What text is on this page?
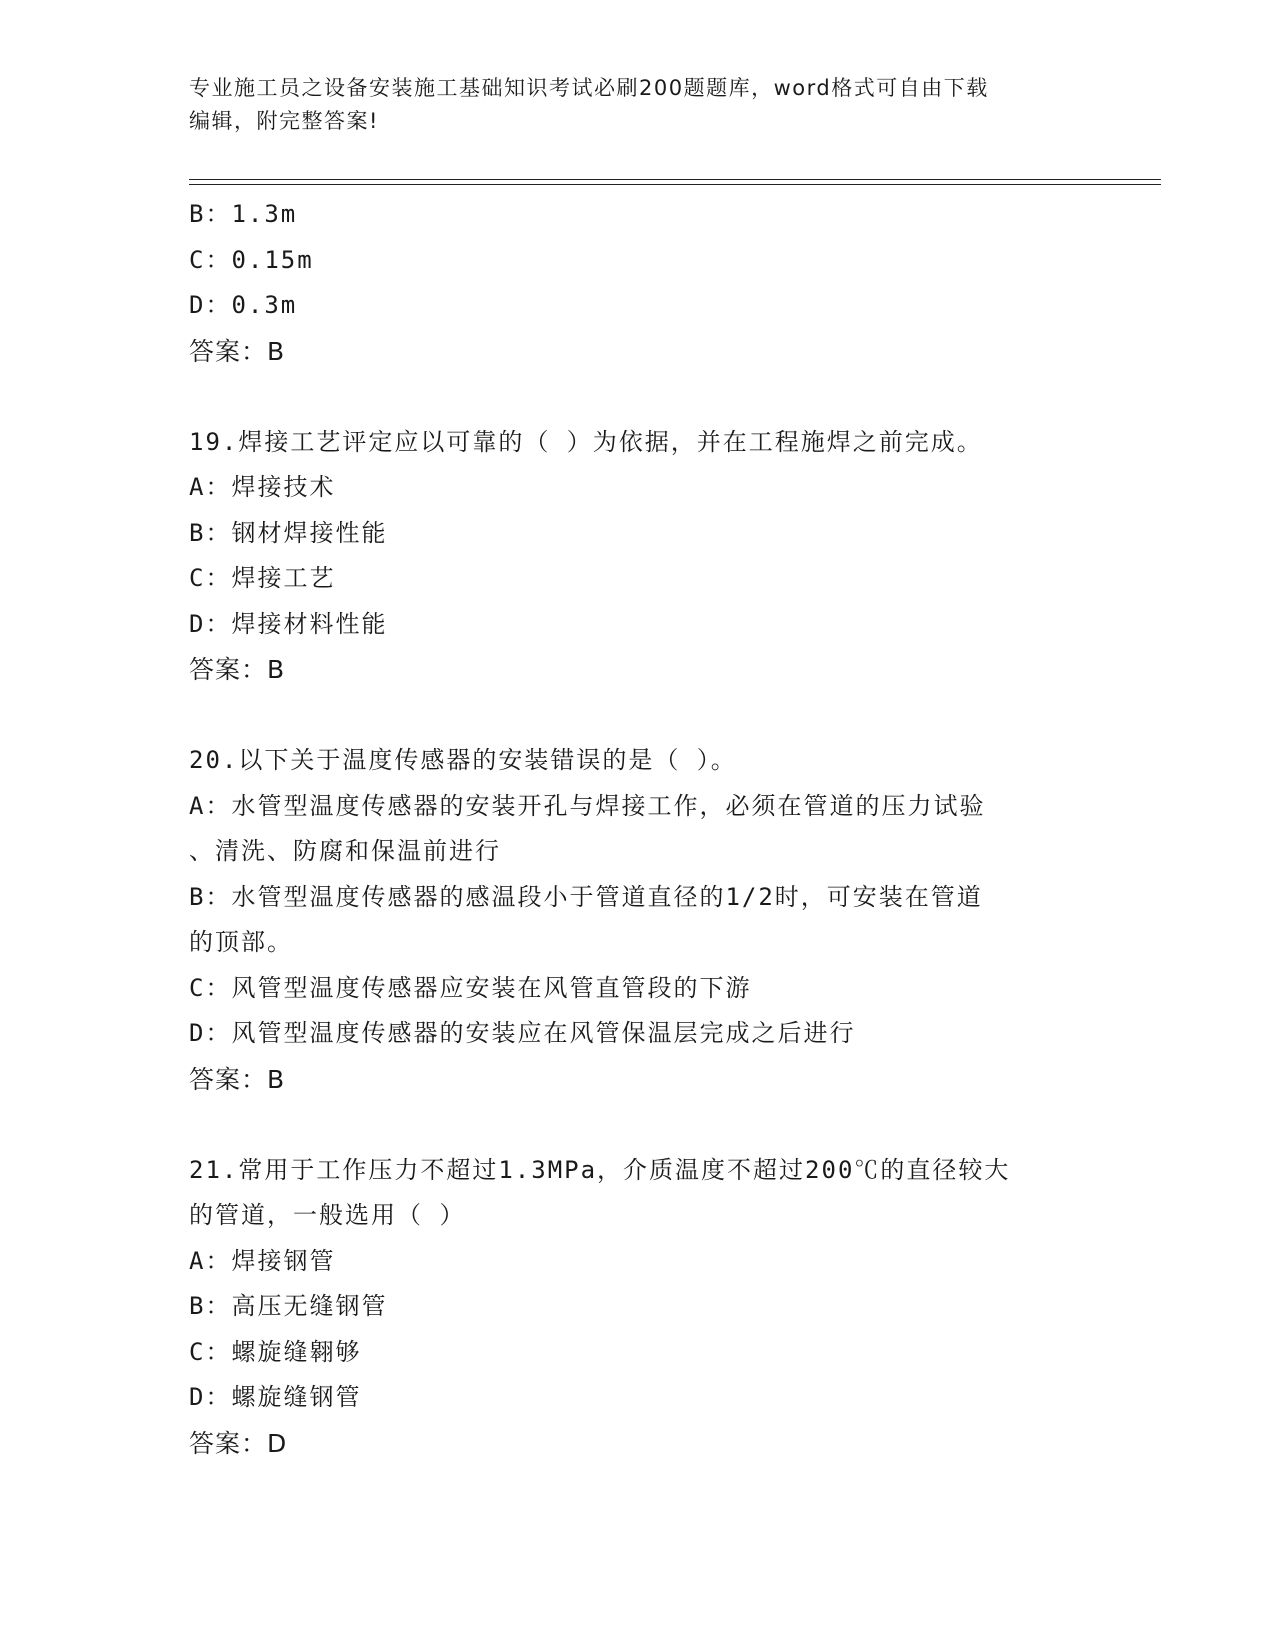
专业施工员之设备安装施工基础知识考试必刷200题题库，word格式可自由下载
编辑，附完整答案!
B：1.3m
C：0.15m
D：0.3m
答案：B
19.焊接工艺评定应以可靠的（ ）为依据，并在工程施焊之前完成。
A：焊接技术
B：钢材焊接性能
C：焊接工艺
D：焊接材料性能
答案：B
20.以下关于温度传感器的安装错误的是（ ）。
A：水管型温度传感器的安装开孔与焊接工作，必须在管道的压力试验
、清洗、防腐和保温前进行
B：水管型温度传感器的感温段小于管道直径的1/2时，可安装在管道
的顶部。
C：风管型温度传感器应安装在风管直管段的下游
D：风管型温度传感器的安装应在风管保温层完成之后进行
答案：B
21.常用于工作压力不超过1.3MPa，介质温度不超过200℃的直径较大
的管道，一般选用（ ）
A：焊接钢管
B：高压无缝钢管
C：螺旋缝翱够
D：螺旋缝钢管
答案：D
